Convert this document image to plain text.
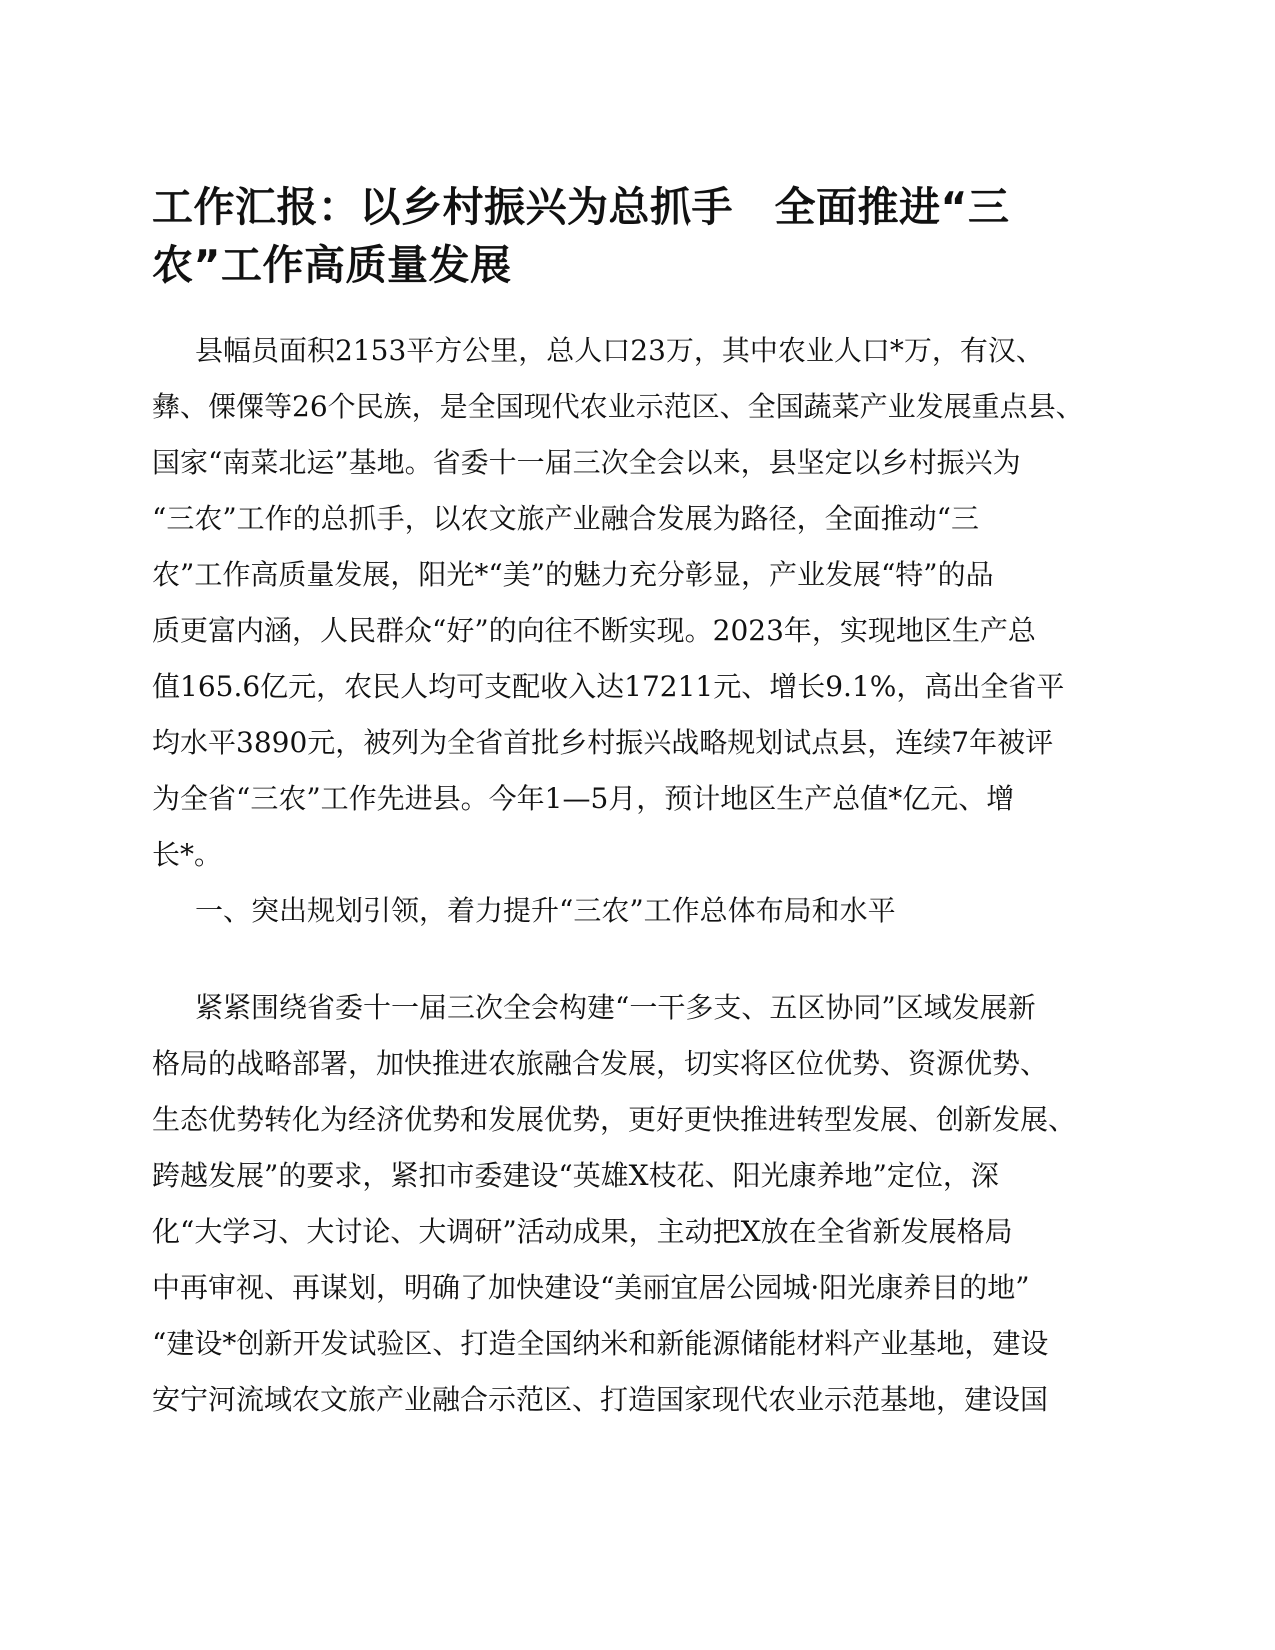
工作汇报：以乡村振兴为总抓手　全面推进“三
农”工作高质量发展
县幅员面积2153平方公里，总人口23万，其中农业人口*万，有汉、
彝、傈僳等26个民族，是全国现代农业示范区、全国蔬菜产业发展重点县、
国家“南菜北运”基地。省委十一届三次全会以来，县坚定以乡村振兴为
“三农”工作的总抓手，以农文旅产业融合发展为路径，全面推动“三
农”工作高质量发展，阳光*“美”的魅力充分彰显，产业发展“特”的品
质更富内涵，人民群众“好”的向往不断实现。2023年，实现地区生产总
值165.6亿元，农民人均可支配收入达17211元、增长9.1%，高出全省平
均水平3890元，被列为全省首批乡村振兴战略规划试点县，连续7年被评
为全省“三农”工作先进县。今年1—5月，预计地区生产总值*亿元、增
长*。
一、突出规划引领，着力提升“三农”工作总体布局和水平
紧紧围绕省委十一届三次全会构建“一干多支、五区协同”区域发展新
格局的战略部署，加快推进农旅融合发展，切实将区位优势、资源优势、
生态优势转化为经济优势和发展优势，更好更快推进转型发展、创新发展、
跨越发展”的要求，紧扣市委建设“英雄X枝花、阳光康养地”定位，深
化“大学习、大讨论、大调研”活动成果，主动把X放在全省新发展格局
中再审视、再谋划，明确了加快建设“美丽宜居公园城·阳光康养目的地”
“建设*创新开发试验区、打造全国纳米和新能源储能材料产业基地，建设
安宁河流域农文旅产业融合示范区、打造国家现代农业示范基地，建设国
